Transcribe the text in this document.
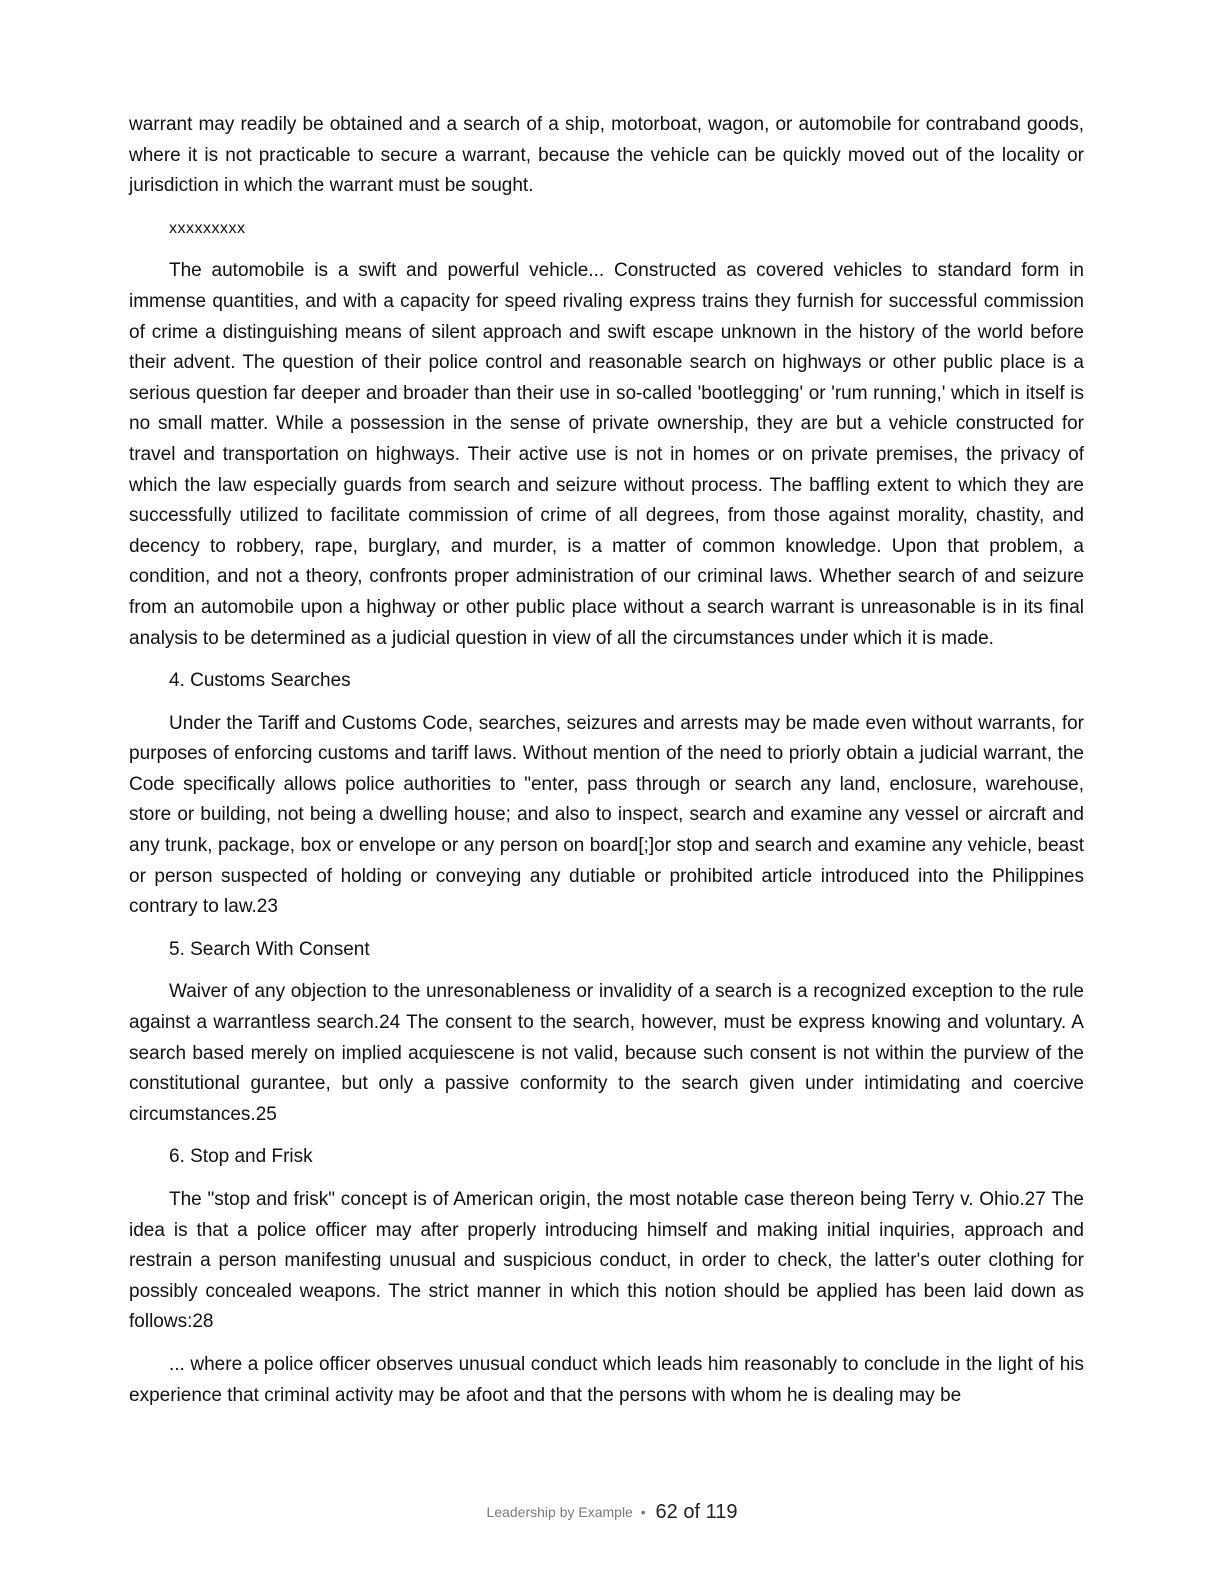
warrant may readily be obtained and a search of a ship, motorboat, wagon, or automobile for contraband goods, where it is not practicable to secure a warrant, because the vehicle can be quickly moved out of the locality or jurisdiction in which the warrant must be sought.

xxxxxxxxx

The automobile is a swift and powerful vehicle... Constructed as covered vehicles to standard form in immense quantities, and with a capacity for speed rivaling express trains they furnish for successful commission of crime a distinguishing means of silent approach and swift escape unknown in the history of the world before their advent. The question of their police control and reasonable search on highways or other public place is a serious question far deeper and broader than their use in so-called 'bootlegging' or 'rum running,' which in itself is no small matter. While a possession in the sense of private ownership, they are but a vehicle constructed for travel and transportation on highways. Their active use is not in homes or on private premises, the privacy of which the law especially guards from search and seizure without process. The baffling extent to which they are successfully utilized to facilitate commission of crime of all degrees, from those against morality, chastity, and decency to robbery, rape, burglary, and murder, is a matter of common knowledge. Upon that problem, a condition, and not a theory, confronts proper administration of our criminal laws. Whether search of and seizure from an automobile upon a highway or other public place without a search warrant is unreasonable is in its final analysis to be determined as a judicial question in view of all the circumstances under which it is made.

4. Customs Searches

Under the Tariff and Customs Code, searches, seizures and arrests may be made even without warrants, for purposes of enforcing customs and tariff laws. Without mention of the need to priorly obtain a judicial warrant, the Code specifically allows police authorities to "enter, pass through or search any land, enclosure, warehouse, store or building, not being a dwelling house; and also to inspect, search and examine any vessel or aircraft and any trunk, package, box or envelope or any person on board[;]or stop and search and examine any vehicle, beast or person suspected of holding or conveying any dutiable or prohibited article introduced into the Philippines contrary to law.23

5. Search With Consent

Waiver of any objection to the unresonableness or invalidity of a search is a recognized exception to the rule against a warrantless search.24 The consent to the search, however, must be express knowing and voluntary. A search based merely on implied acquiescene is not valid, because such consent is not within the purview of the constitutional gurantee, but only a passive conformity to the search given under intimidating and coercive circumstances.25

6. Stop and Frisk

The "stop and frisk" concept is of American origin, the most notable case thereon being Terry v. Ohio.27 The idea is that a police officer may after properly introducing himself and making initial inquiries, approach and restrain a person manifesting unusual and suspicious conduct, in order to check, the latter's outer clothing for possibly concealed weapons. The strict manner in which this notion should be applied has been laid down as follows:28

... where a police officer observes unusual conduct which leads him reasonably to conclude in the light of his experience that criminal activity may be afoot and that the persons with whom he is dealing may be

Leadership by Example • 62 of 119
